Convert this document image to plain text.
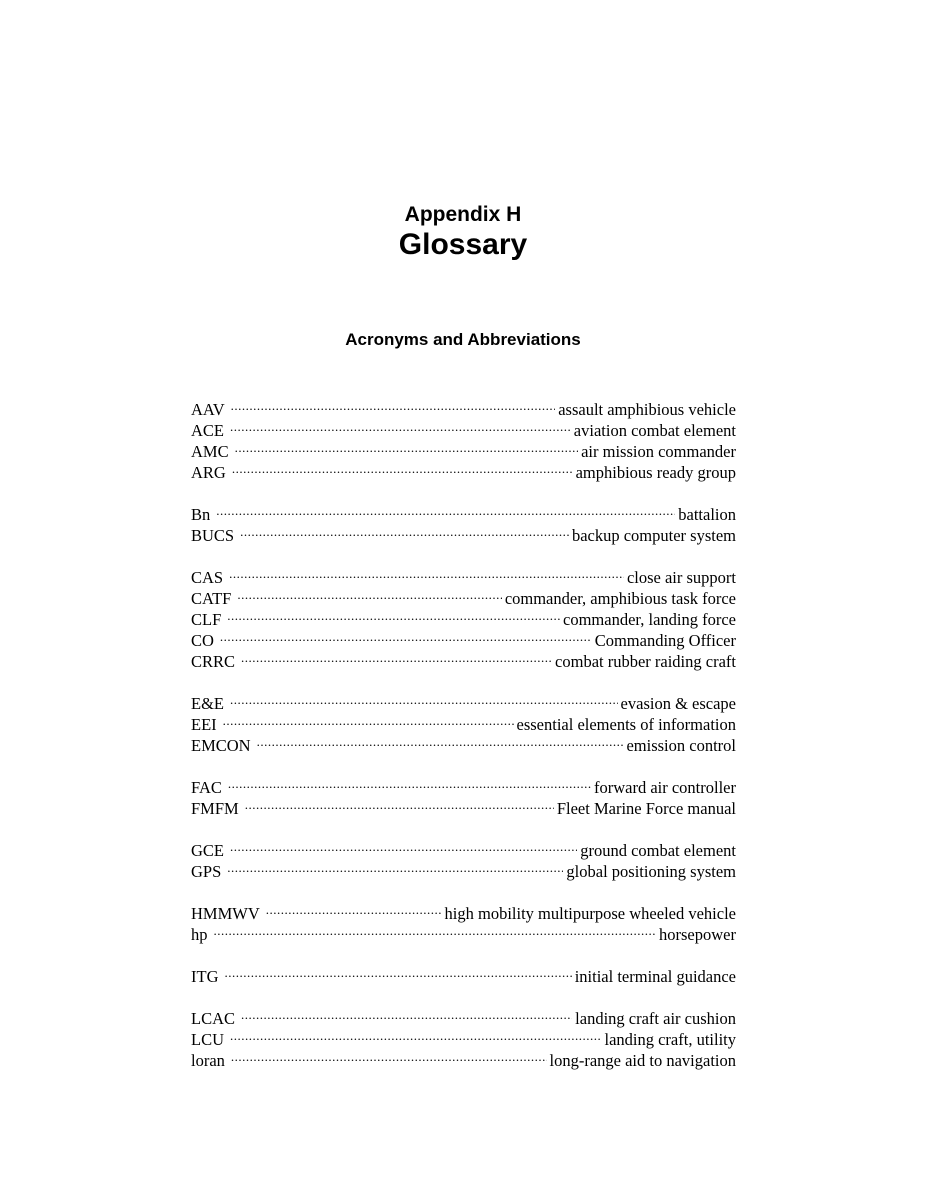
Appendix H
Glossary
Acronyms and Abbreviations
AAV .....	assault amphibious vehicle
ACE .....	aviation combat element
AMC .....	air mission commander
ARG .....	amphibious ready group
Bn .....	battalion
BUCS .....	backup computer system
CAS .....	close air support
CATF .....	commander, amphibious task force
CLF .....	commander, landing force
CO .....	Commanding Officer
CRRC .....	combat rubber raiding craft
E&E .....	evasion & escape
EEI .....	essential elements of information
EMCON .....	emission control
FAC .....	forward air controller
FMFM .....	Fleet Marine Force manual
GCE .....	ground combat element
GPS .....	global positioning system
HMMWV .....	high mobility multipurpose wheeled vehicle
hp .....	horsepower
ITG .....	initial terminal guidance
LCAC .....	landing craft air cushion
LCU .....	landing craft, utility
loran .....	long-range aid to navigation
